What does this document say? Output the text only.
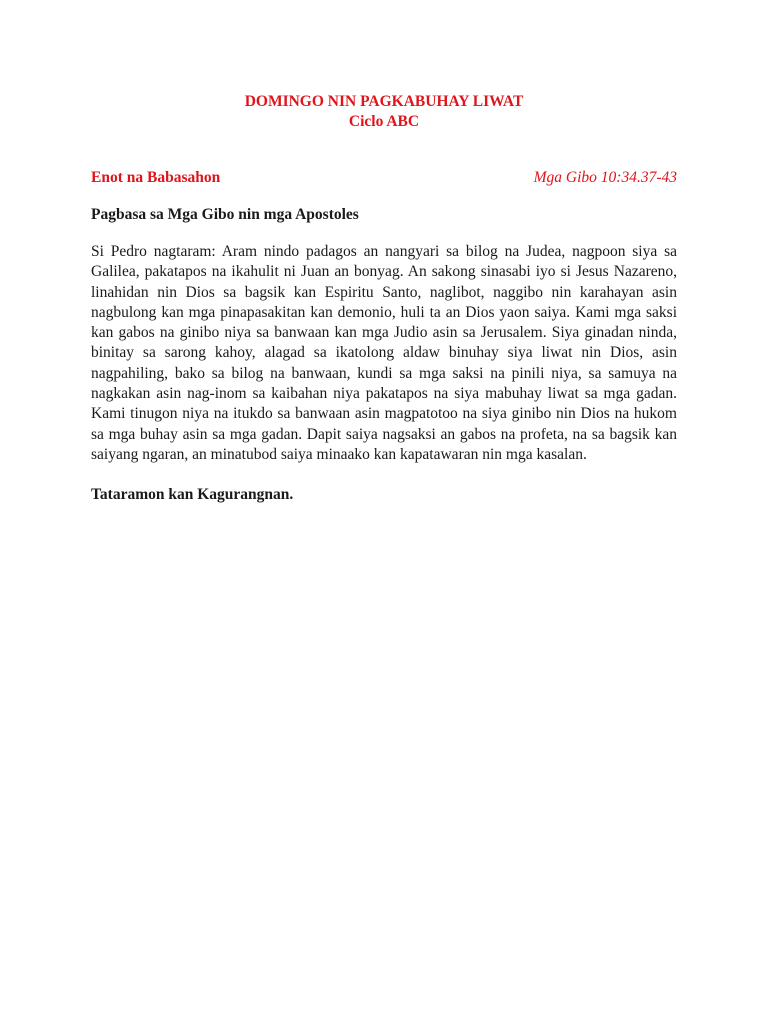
DOMINGO NIN PAGKABUHAY LIWAT
Ciclo ABC
Enot na Babasahon	Mga Gibo 10:34.37-43
Pagbasa sa Mga Gibo nin mga Apostoles

Si Pedro nagtaram: Aram nindo padagos an nangyari sa bilog na Judea, nagpoon siya sa Galilea, pakatapos na ikahulit ni Juan an bonyag. An sakong sinasabi iyo si Jesus Nazareno, linahidan nin Dios sa bagsik kan Espiritu Santo, naglibot, naggibo nin karahayan asin nagbulong kan mga pinapasakitan kan demonio, huli ta an Dios yaon saiya. Kami mga saksi kan gabos na ginibo niya sa banwaan kan mga Judio asin sa Jerusalem. Siya ginadan ninda, binitay sa sarong kahoy, alagad sa ikatolong aldaw binuhay siya liwat nin Dios, asin nagpahiling, bako sa bilog na banwaan, kundi sa mga saksi na pinili niya, sa samuya na nagkakan asin nag-inom sa kaibahan niya pakatapos na siya mabuhay liwat sa mga gadan. Kami tinugon niya na itukdo sa banwaan asin magpatotoo na siya ginibo nin Dios na hukom sa mga buhay asin sa mga gadan. Dapit saiya nagsaksi an gabos na profeta, na sa bagsik kan saiyang ngaran, an minatubod saiya minaako kan kapatawaran nin mga kasalan.

Tataramon kan Kagurangnan.
